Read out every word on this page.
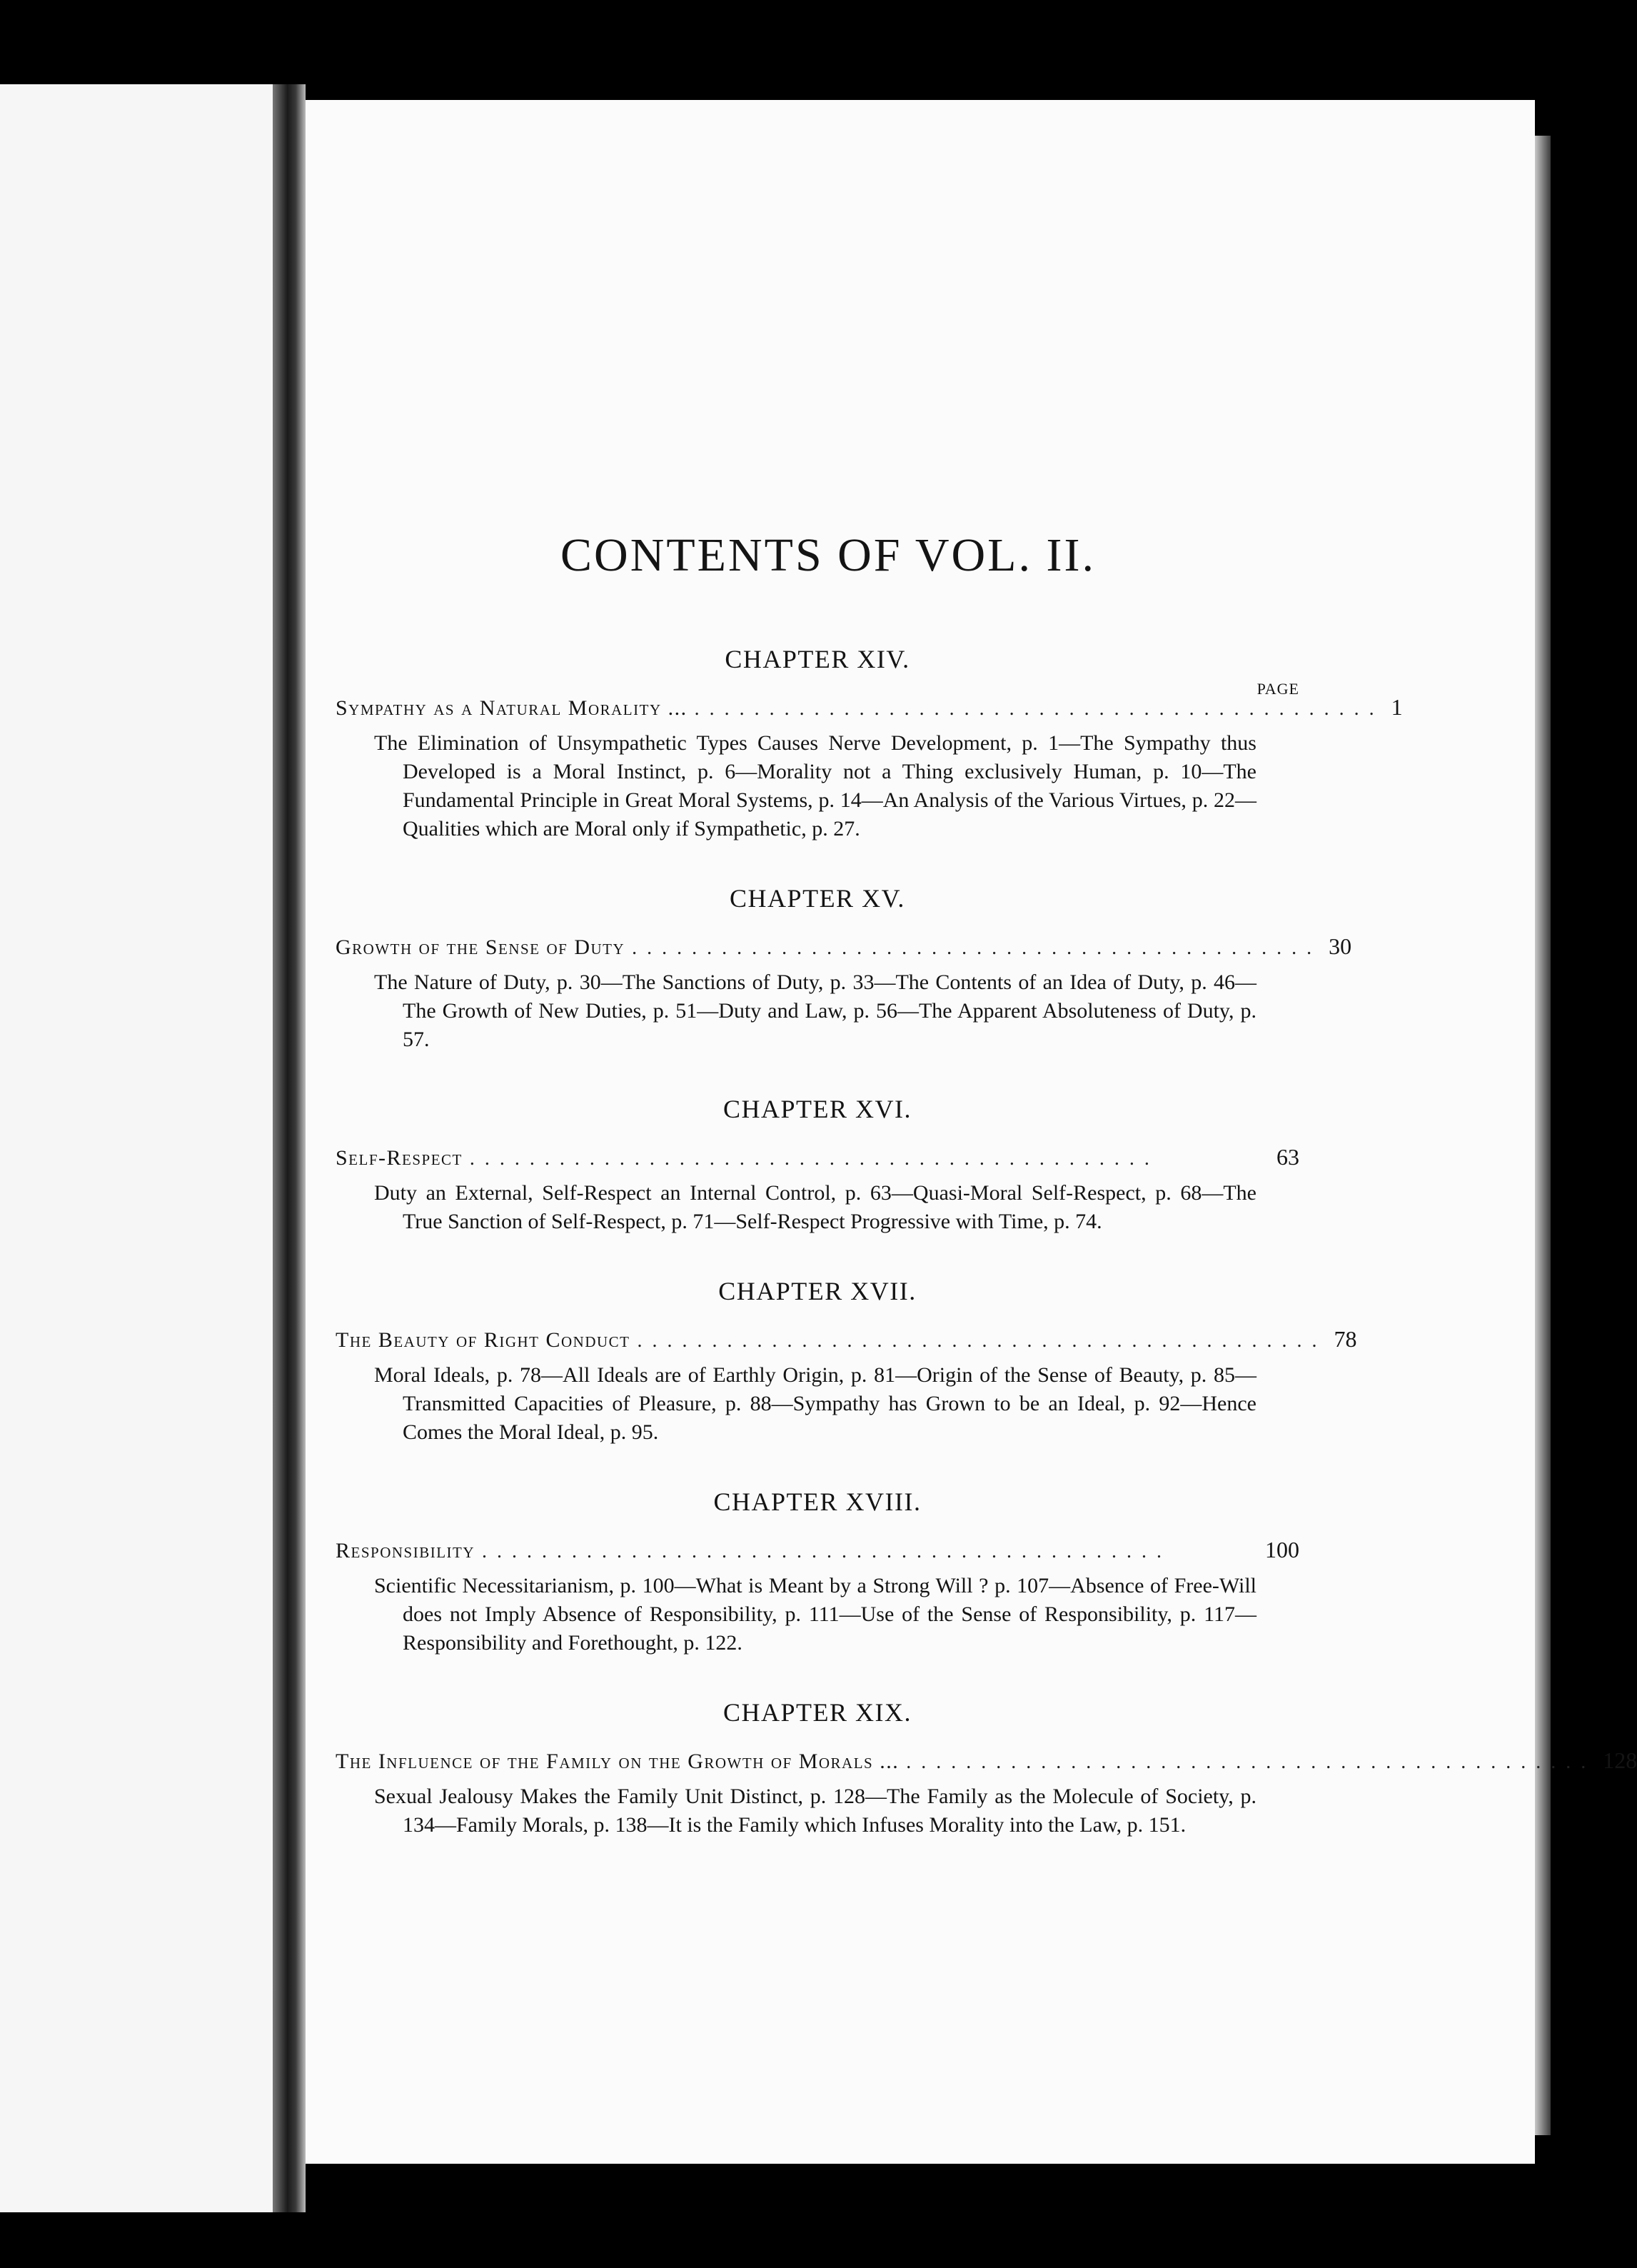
CONTENTS OF VOL. II.
CHAPTER XIV.
PAGE
Sympathy as a Natural Morality ... .............................................. 1

The Elimination of Unsympathetic Types Causes Nerve Development, p. 1—The Sympathy thus Developed is a Moral Instinct, p. 6—Morality not a Thing exclusively Human, p. 10—The Fundamental Principle in Great Moral Systems, p. 14—An Analysis of the Various Virtues, p. 22—Qualities which are Moral only if Sympathetic, p. 27.

CHAPTER XV.
Growth of the Sense of Duty .............................................. 30

The Nature of Duty, p. 30—The Sanctions of Duty, p. 33—The Contents of an Idea of Duty, p. 46—The Growth of New Duties, p. 51—Duty and Law, p. 56—The Apparent Absoluteness of Duty, p. 57.

CHAPTER XVI.
Self-Respect ..............................................	63

Duty an External, Self-Respect an Internal Control, p. 63—Quasi-Moral Self-Respect, p. 68—The True Sanction of Self-Respect, p. 71—Self-Respect Progressive with Time, p. 74.

CHAPTER XVII.
The Beauty of Right Conduct .............................................. 78

Moral Ideals, p. 78—All Ideals are of Earthly Origin, p. 81—Origin of the Sense of Beauty, p. 85—Transmitted Capacities of Pleasure, p. 88—Sympathy has Grown to be an Ideal, p. 92—Hence Comes the Moral Ideal, p. 95.

CHAPTER XVIII.
Responsibility ..............................................	100

Scientific Necessitarianism, p. 100—What is Meant by a Strong Will ? p. 107—Absence of Free-Will does not Imply Absence of Responsibility, p. 111—Use of the Sense of Responsibility, p. 117—Responsibility and Forethought, p. 122.

CHAPTER XIX.
The Influence of the Family on the Growth of Morals ... .............................................. 128

Sexual Jealousy Makes the Family Unit Distinct, p. 128—The Family as the Molecule of Society, p. 134—Family Morals, p. 138—It is the Family which Infuses Morality into the Law, p. 151.
